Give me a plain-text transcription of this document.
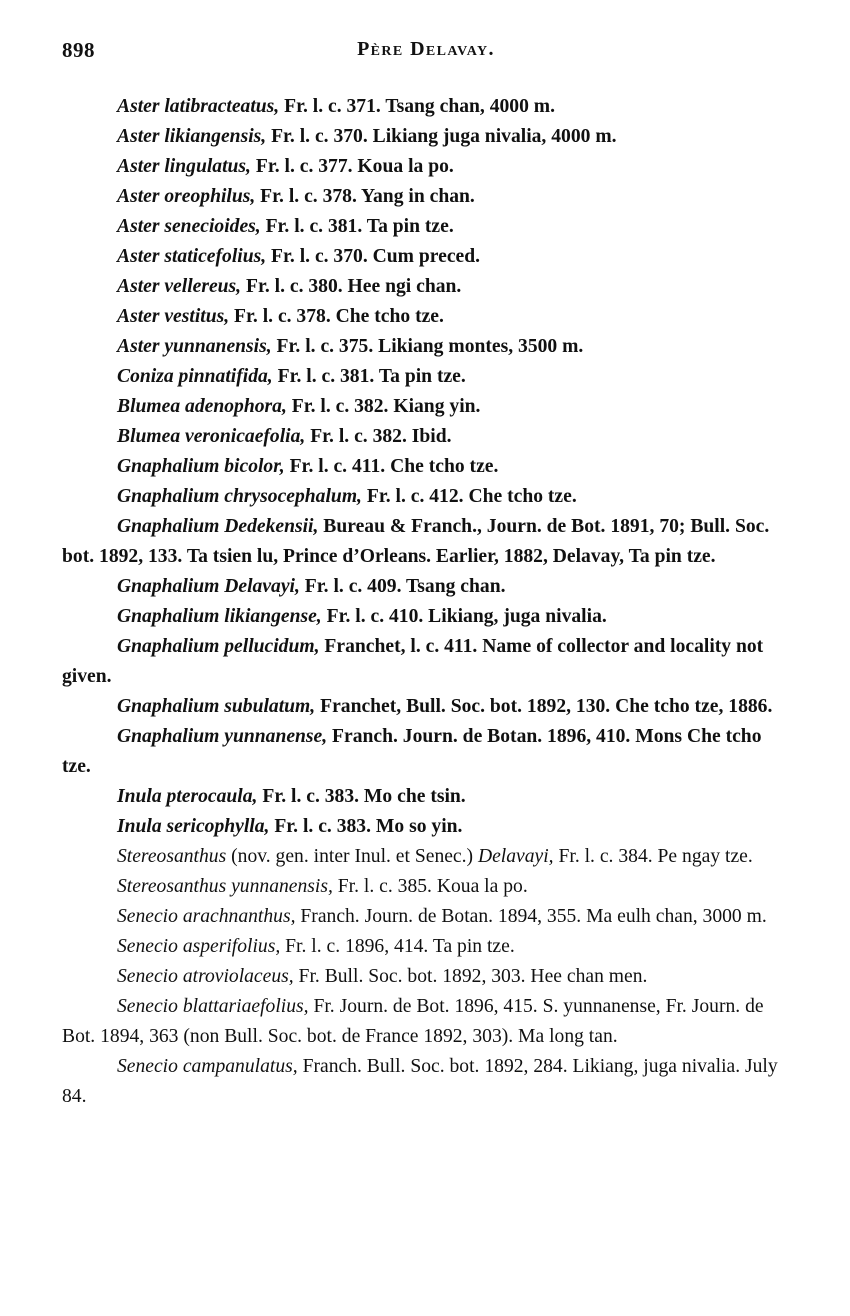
898	Père Delavay.

Aster latibracteatus, Fr. l. c. 371. Tsang chan, 4000 m.

Aster likiangensis, Fr. l. c. 370. Likiang juga nivalia, 4000 m.

Aster lingulatus, Fr. l. c. 377. Koua la po.

Aster oreophilus, Fr. l. c. 378. Yang in chan.

Aster senecioides, Fr. l. c. 381. Ta pin tze.

Aster staticefolius, Fr. l. c. 370. Cum preced.

Aster vellereus, Fr. l. c. 380. Hee ngi chan.

Aster vestitus, Fr. l. c. 378. Che tcho tze.

Aster yunnanensis, Fr. l. c. 375. Likiang montes, 3500 m.

Coniza pinnatifida, Fr. l. c. 381. Ta pin tze.

Blumea adenophora, Fr. l. c. 382. Kiang yin.

Blumea veronicaefolia, Fr. l. c. 382. Ibid.

Gnaphalium bicolor, Fr. l. c. 411. Che tcho tze.

Gnaphalium chrysocephalum, Fr. l. c. 412. Che tcho tze.

Gnaphalium Dedekensii, Bureau & Franch., Journ. de Bot. 1891, 70; Bull. Soc. bot. 1892, 133. Ta tsien lu, Prince d’Orleans. Earlier, 1882, Delavay, Ta pin tze.

Gnaphalium Delavayi, Fr. l. c. 409. Tsang chan.

Gnaphalium likiangense, Fr. l. c. 410. Likiang, juga nivalia.

Gnaphalium pellucidum, Franchet, l. c. 411. Name of collector and locality not given.

Gnaphalium subulatum, Franchet, Bull. Soc. bot. 1892, 130. Che tcho tze, 1886.

Gnaphalium yunnanense, Franch. Journ. de Botan. 1896, 410. Mons Che tcho tze.

Inula pterocaula, Fr. l. c. 383. Mo che tsin.

Inula sericophylla, Fr. l. c. 383. Mo so yin.

Stereosanthus (nov. gen. inter Inul. et Senec.) Delavayi, Fr. l. c. 384. Pe ngay tze.

Stereosanthus yunnanensis, Fr. l. c. 385. Koua la po.

Senecio arachnanthus, Franch. Journ. de Botan. 1894, 355. Ma eulh chan, 3000 m.

Senecio asperifolius, Fr. l. c. 1896, 414. Ta pin tze.

Senecio atroviolaceus, Fr. Bull. Soc. bot. 1892, 303. Hee chan men.

Senecio blattariaefolius, Fr. Journ. de Bot. 1896, 415. S. yunnanense, Fr. Journ. de Bot. 1894, 363 (non Bull. Soc. bot. de France 1892, 303). Ma long tan.

Senecio campanulatus, Franch. Bull. Soc. bot. 1892, 284. Likiang, juga nivalia. July 84.
